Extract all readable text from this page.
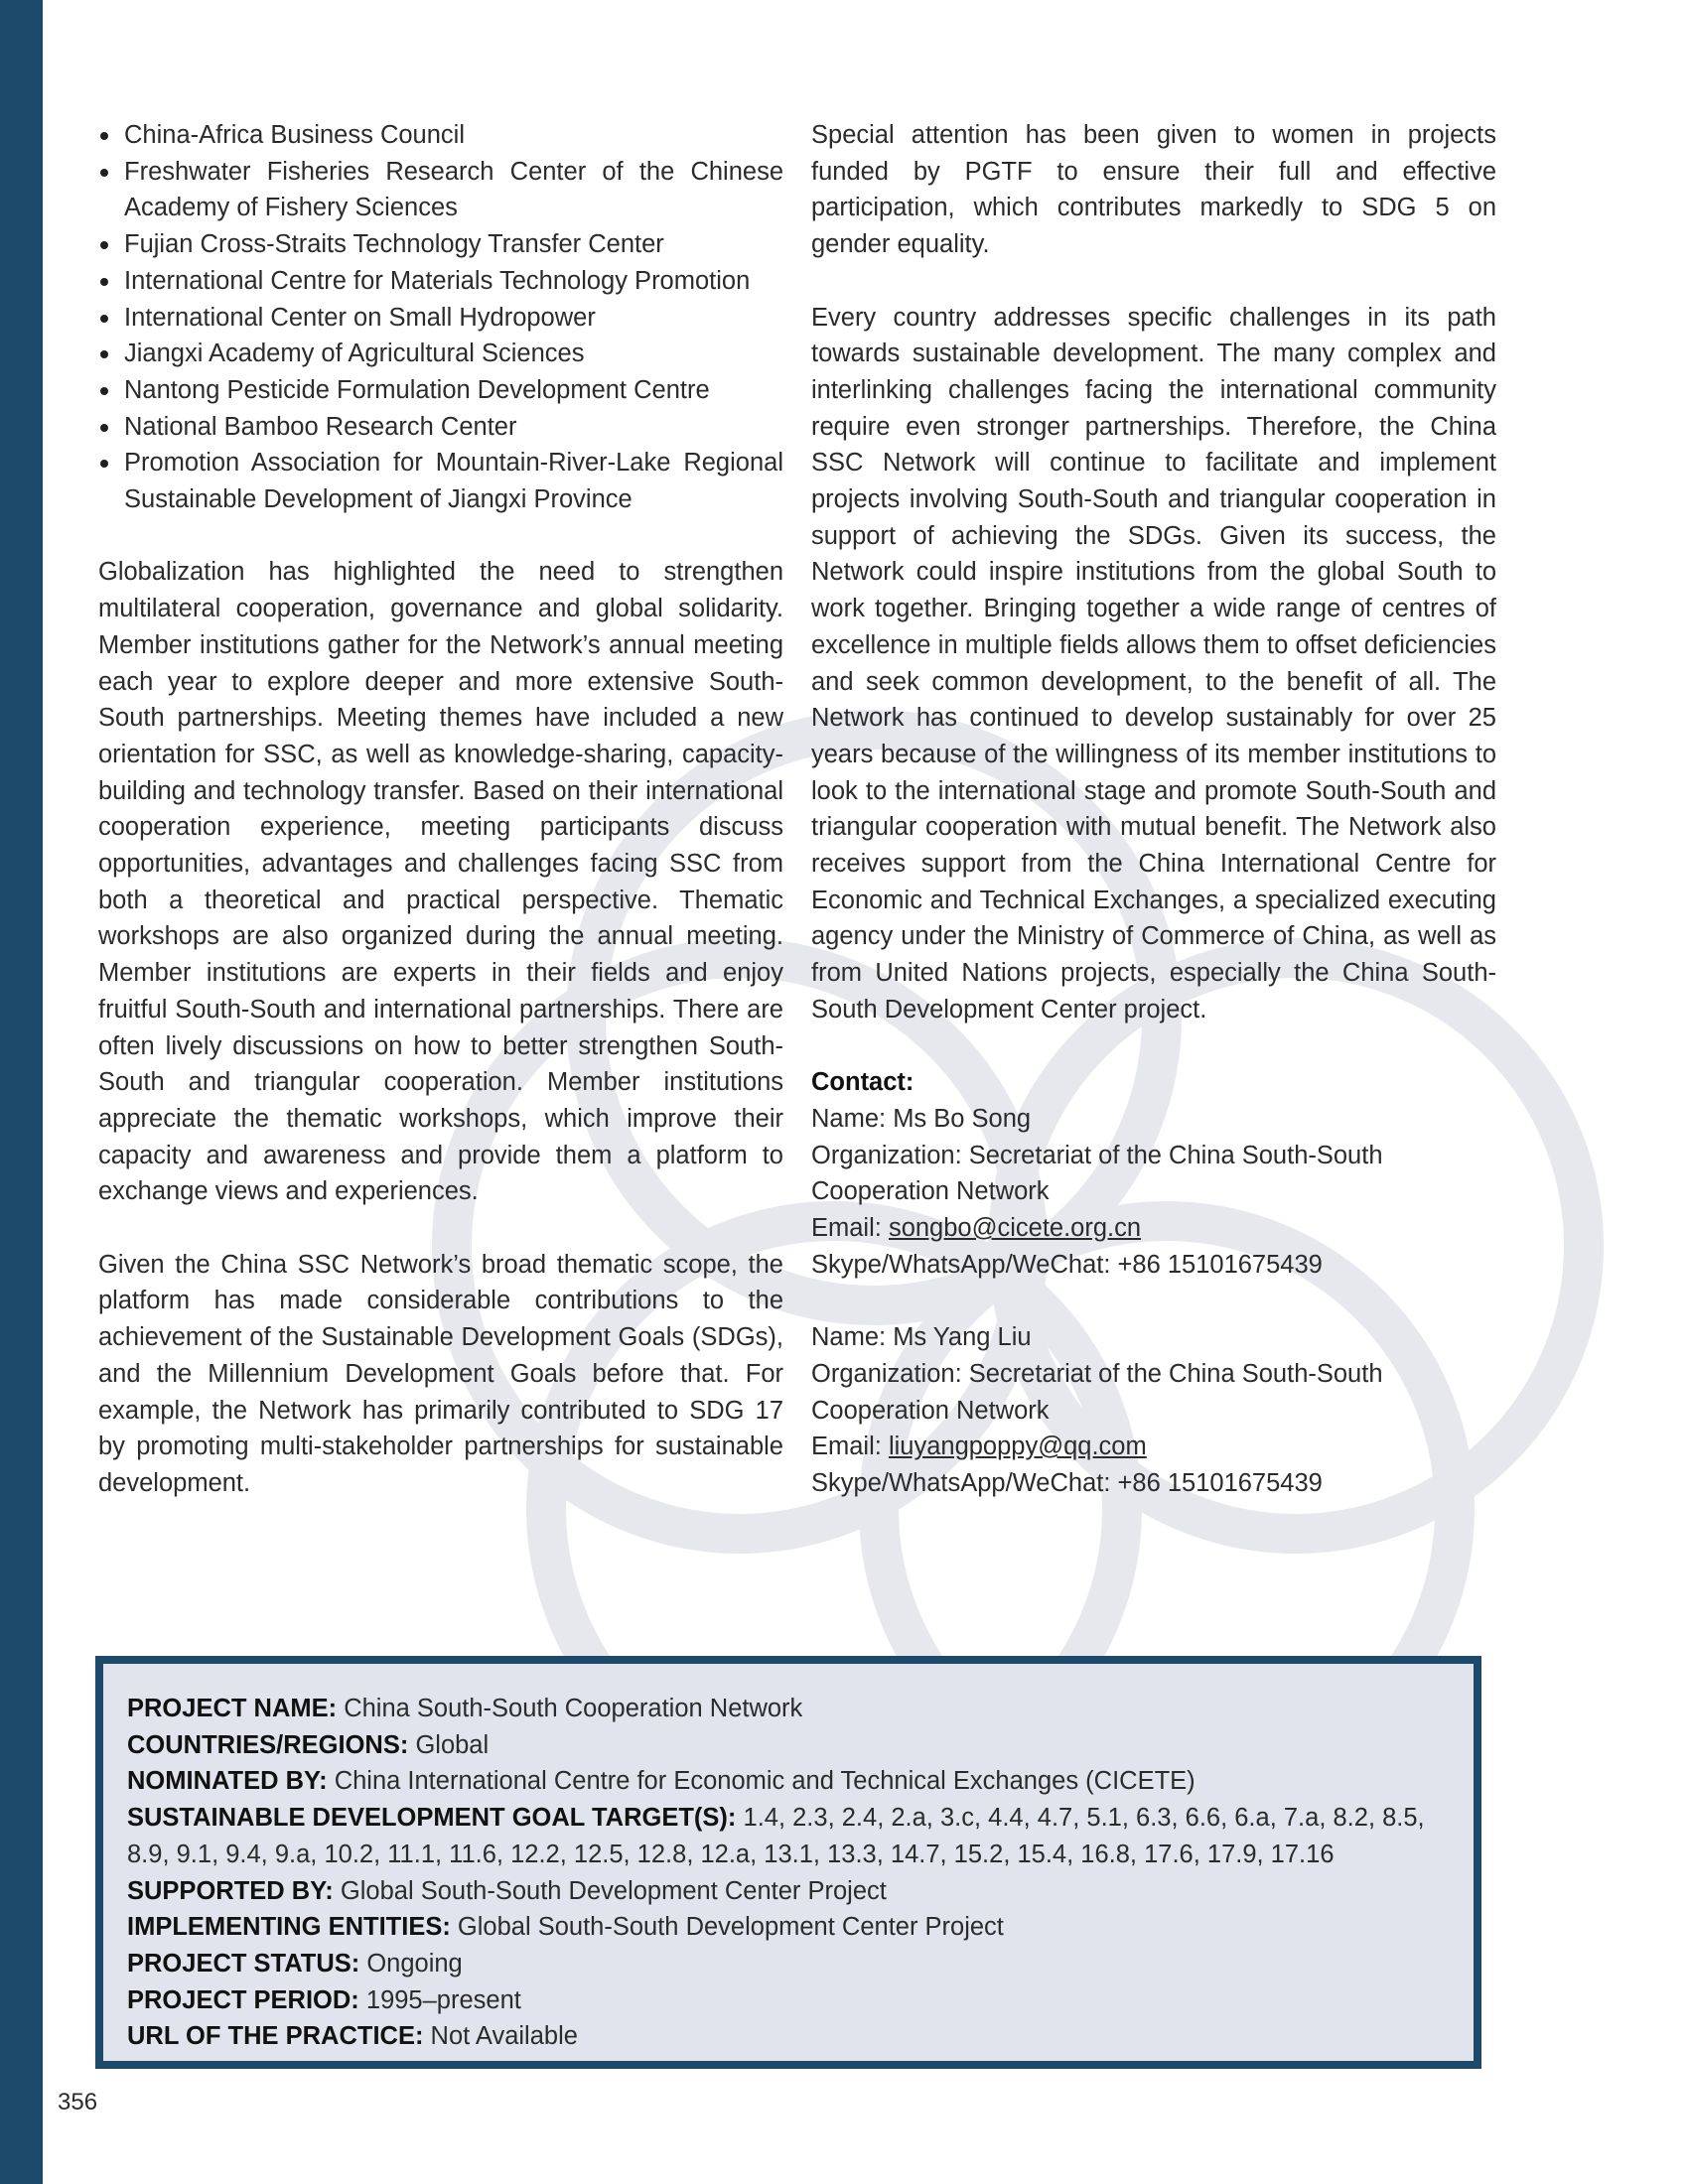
China-Africa Business Council
Freshwater Fisheries Research Center of the Chinese Academy of Fishery Sciences
Fujian Cross-Straits Technology Transfer Center
International Centre for Materials Technology Promotion
International Center on Small Hydropower
Jiangxi Academy of Agricultural Sciences
Nantong Pesticide Formulation Development Centre
National Bamboo Research Center
Promotion Association for Mountain-River-Lake Regional Sustainable Development of Jiangxi Province

Globalization has highlighted the need to strengthen multilateral cooperation, governance and global solidarity. Member institutions gather for the Network’s annual meeting each year to explore deeper and more extensive South-South partnerships. Meeting themes have included a new orientation for SSC, as well as knowledge-sharing, capacity-building and technology transfer. Based on their international cooperation experience, meeting participants discuss opportunities, advantages and challenges facing SSC from both a theoretical and practical perspective. Thematic workshops are also organized during the annual meeting. Member institutions are experts in their fields and enjoy fruitful South-South and international partnerships. There are often lively discussions on how to better strengthen South-South and triangular cooperation. Member institutions appreciate the thematic workshops, which improve their capacity and awareness and provide them a platform to exchange views and experiences.

Given the China SSC Network’s broad thematic scope, the platform has made considerable contributions to the achievement of the Sustainable Development Goals (SDGs), and the Millennium Development Goals before that. For example, the Network has primarily contributed to SDG 17 by promoting multi-stakeholder partnerships for sustainable development.

Special attention has been given to women in projects funded by PGTF to ensure their full and effective participation, which contributes markedly to SDG 5 on gender equality.

Every country addresses specific challenges in its path towards sustainable development. The many complex and interlinking challenges facing the international community require even stronger partnerships. Therefore, the China SSC Network will continue to facilitate and implement projects involving South-South and triangular cooperation in support of achieving the SDGs. Given its success, the Network could inspire institutions from the global South to work together. Bringing together a wide range of centres of excellence in multiple fields allows them to offset deficiencies and seek common development, to the benefit of all. The Network has continued to develop sustainably for over 25 years because of the willingness of its member institutions to look to the international stage and promote South-South and triangular cooperation with mutual benefit. The Network also receives support from the China International Centre for Economic and Technical Exchanges, a specialized executing agency under the Ministry of Commerce of China, as well as from United Nations projects, especially the China South-South Development Center project.

Contact:
Name: Ms Bo Song
Organization: Secretariat of the China South-South Cooperation Network
Email: songbo@cicete.org.cn
Skype/WhatsApp/WeChat: +86 15101675439
Name: Ms Yang Liu
Organization: Secretariat of the China South-South Cooperation Network
Email: liuyangpoppy@qq.com
Skype/WhatsApp/WeChat: +86 15101675439
PROJECT NAME: China South-South Cooperation Network
COUNTRIES/REGIONS: Global
NOMINATED BY: China International Centre for Economic and Technical Exchanges (CICETE)
SUSTAINABLE DEVELOPMENT GOAL TARGET(S): 1.4, 2.3, 2.4, 2.a, 3.c, 4.4, 4.7, 5.1, 6.3, 6.6, 6.a, 7.a, 8.2, 8.5, 8.9, 9.1, 9.4, 9.a, 10.2, 11.1, 11.6, 12.2, 12.5, 12.8, 12.a, 13.1, 13.3, 14.7, 15.2, 15.4, 16.8, 17.6, 17.9, 17.16
SUPPORTED BY: Global South-South Development Center Project
IMPLEMENTING ENTITIES: Global South-South Development Center Project
PROJECT STATUS: Ongoing
PROJECT PERIOD: 1995–present
URL OF THE PRACTICE: Not Available
356
